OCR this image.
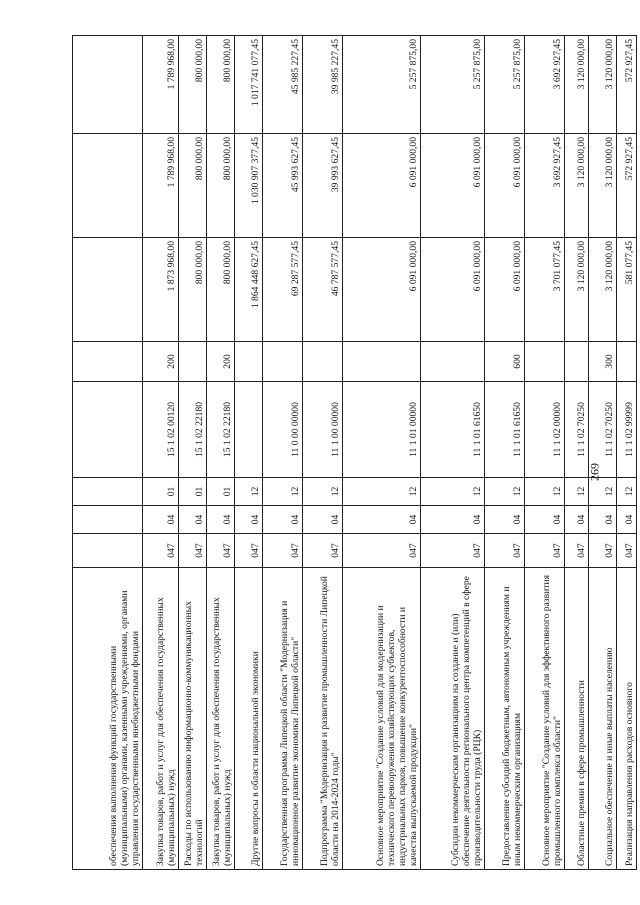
269
обеспечения выполнения функций государственными (муниципальными) органами, казенными учреждениями, органами управления государственными внебюджетными фондами								
Закупка товаров, работ и услуг для обеспечения государственных (муниципальных) нужд	047	04	01	15 1 02 00120	200	1 873 968,00	1 789 968,00	1 789 968,00
Расходы по использованию информационно-коммуникационных технологий	047	04	01	15 1 02 22180		800 000,00	800 000,00	800 000,00
Закупка товаров, работ и услуг для обеспечения государственных (муниципальных) нужд	047	04	01	15 1 02 22180	200	800 000,00	800 000,00	800 000,00
Другие вопросы в области национальной экономики	047	04	12			1 864 448 627,45	1 030 907 377,45	1 017 741 077,45
Государственная программа Липецкой области "Модернизация и инновационное развитие экономики Липецкой области"	047	04	12	11 0 00 00000		69 287 577,45	45 993 627,45	45 985 227,45
Подпрограмма "Модернизация и развитие промышленности Липецкой области на 2014-2024 годы"	047	04	12	11 1 00 00000		46 787 577,45	39 993 627,45	39 985 227,45
Основное мероприятие "Создание условий для модернизации и технического перевооружения хозяйствующих субъектов, индустриальных парков, повышение конкурентоспособности и качества выпускаемой продукции"	047	04	12	11 1 01 00000		6 091 000,00	6 091 000,00	5 257 875,00
Субсидии некоммерческим организациям на создание и (или) обеспечение деятельности регионального центра компетенций в сфере производительности труда (РЦК)	047	04	12	11 1 01 61650		6 091 000,00	6 091 000,00	5 257 875,00
Предоставление субсидий бюджетным, автономным учреждениям и иным некоммерческим организациям	047	04	12	11 1 01 61650	600	6 091 000,00	6 091 000,00	5 257 875,00
Основное мероприятие "Создание условий для эффективного развития промышленного комплекса области"	047	04	12	11 1 02 00000		3 701 077,45	3 692 927,45	3 692 927,45
Областные премии в сфере промышленности	047	04	12	11 1 02 70250		3 120 000,00	3 120 000,00	3 120 000,00
Социальное обеспечение и иные выплаты населению	047	04	12	11 1 02 70250	300	3 120 000,00	3 120 000,00	3 120 000,00
Реализация направления расходов основного	047	04	12	11 1 02 99999		581 077,45	572 927,45	572 927,45
